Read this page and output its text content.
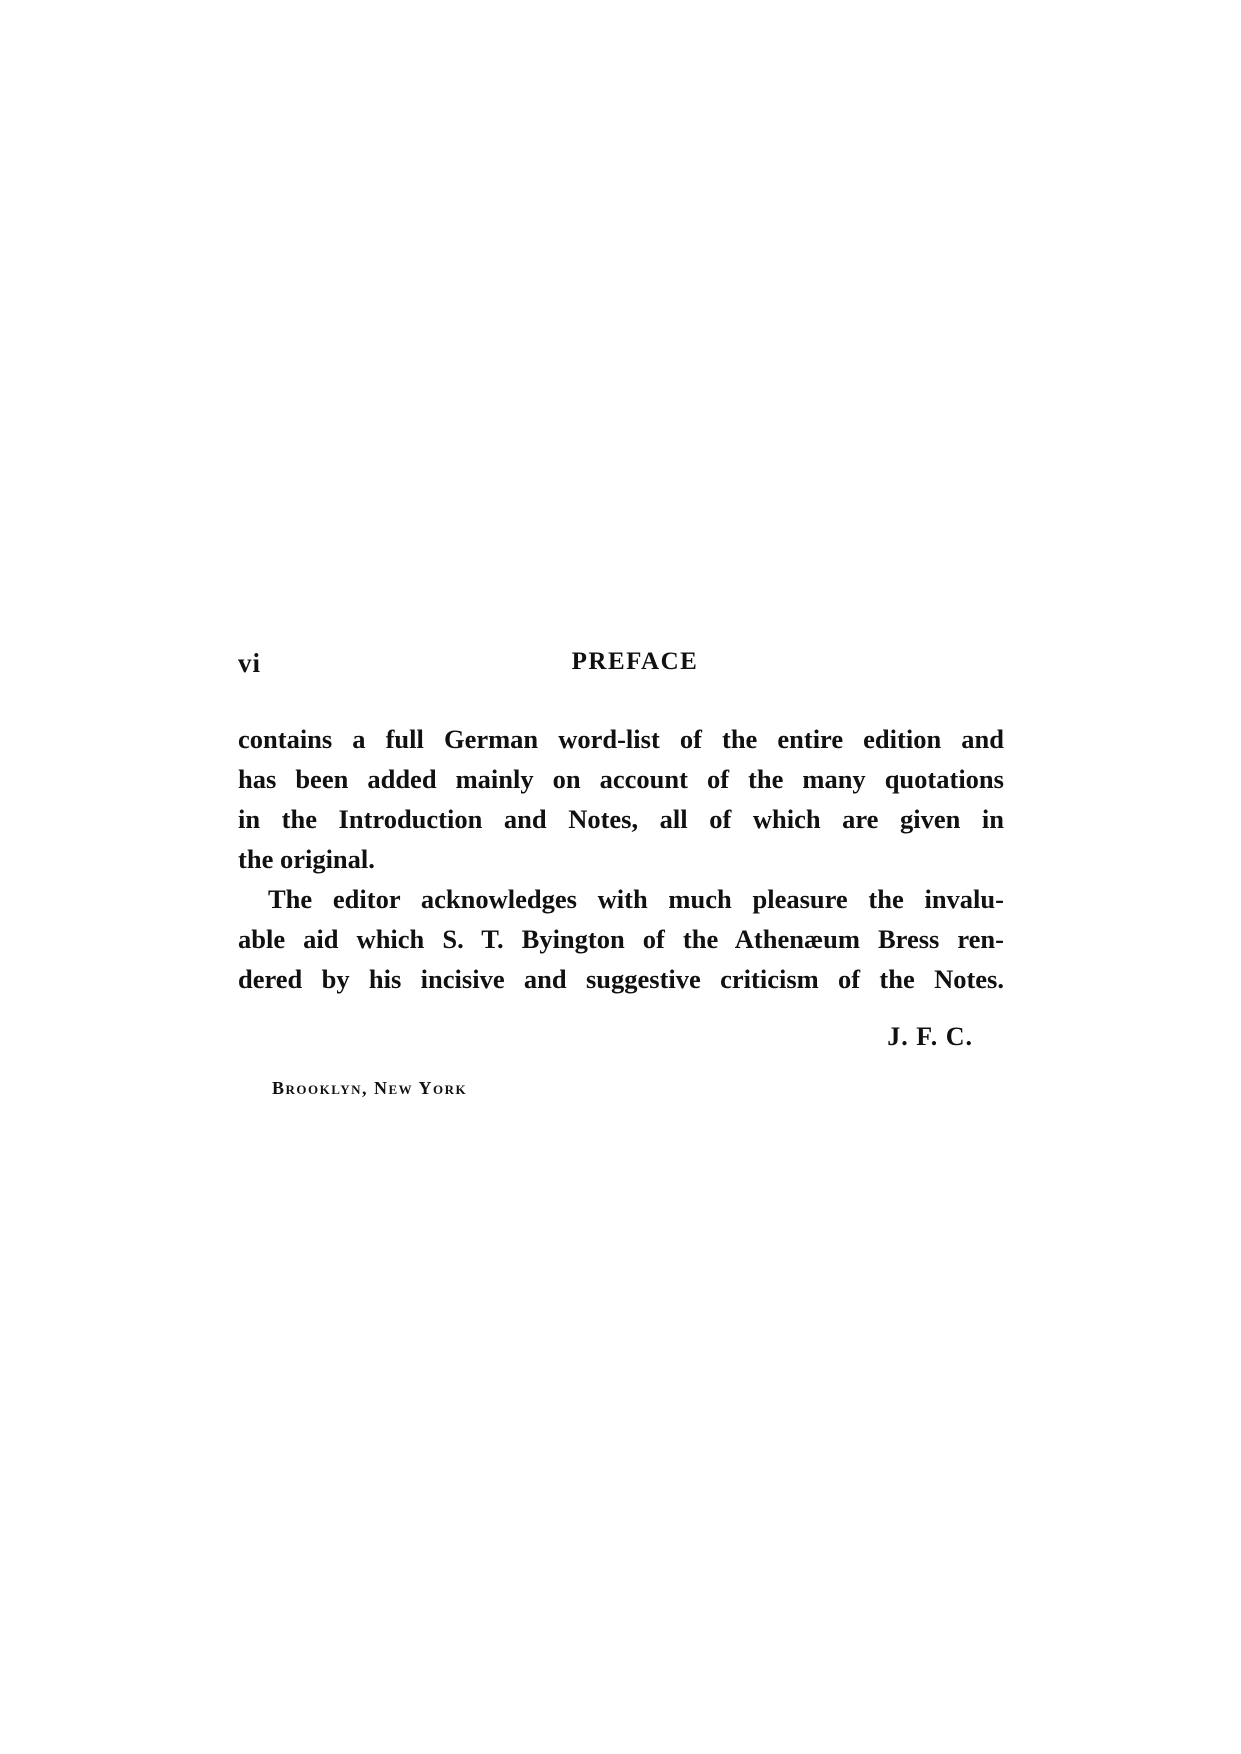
vi	PREFACE
contains a full German word-list of the entire edition and
has been added mainly on account of the many quotations
in the Introduction and Notes, all of which are given in
the original.
The editor acknowledges with much pleasure the invalu-
able aid which S. T. Byington of the Athenæum Bress ren-
dered by his incisive and suggestive criticism of the Notes.
J. F. C.
Brooklyn, New York
